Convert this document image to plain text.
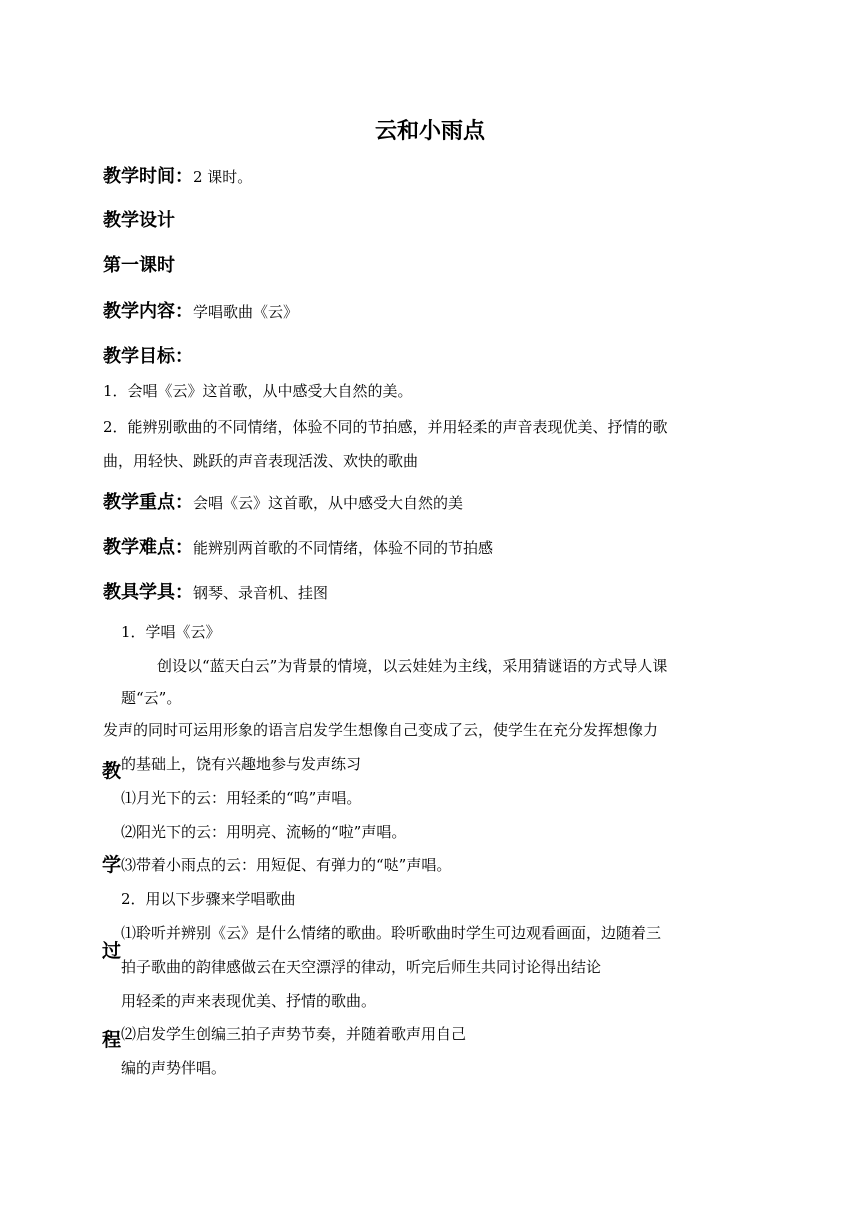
云和小雨点
教学时间：2 课时。
教学设计
第一课时
教学内容：学唱歌曲《云》
教学目标：
1．会唱《云》这首歌，从中感受大自然的美。
2．能辨别歌曲的不同情绪，体验不同的节拍感，并用轻柔的声音表现优美、抒情的歌
曲，用轻快、跳跃的声音表现活泼、欢快的歌曲
教学重点：会唱《云》这首歌，从中感受大自然的美
教学难点：能辨别两首歌的不同情绪，体验不同的节拍感
教具学具：钢琴、录音机、挂图
教
学
过
程
1．学唱《云》
创设以“蓝天白云”为背景的情境，以云娃娃为主线，采用猜谜语的方式导人课
题“云”。
发声的同时可运用形象的语言启发学生想像自己变成了云，使学生在充分发挥想像力
的基础上，饶有兴趣地参与发声练习
⑴月光下的云：用轻柔的“呜”声唱。
⑵阳光下的云：用明亮、流畅的“啦”声唱。
⑶带着小雨点的云：用短促、有弹力的“哒”声唱。
2．用以下步骤来学唱歌曲
⑴聆听并辨别《云》是什么情绪的歌曲。聆听歌曲时学生可边观看画面，边随着三
拍子歌曲的韵律感做云在天空漂浮的律动，听完后师生共同讨论得出结论
用轻柔的声来表现优美、抒情的歌曲。
⑵启发学生创编三拍子声势节奏，并随着歌声用自己
编的声势伴唱。
